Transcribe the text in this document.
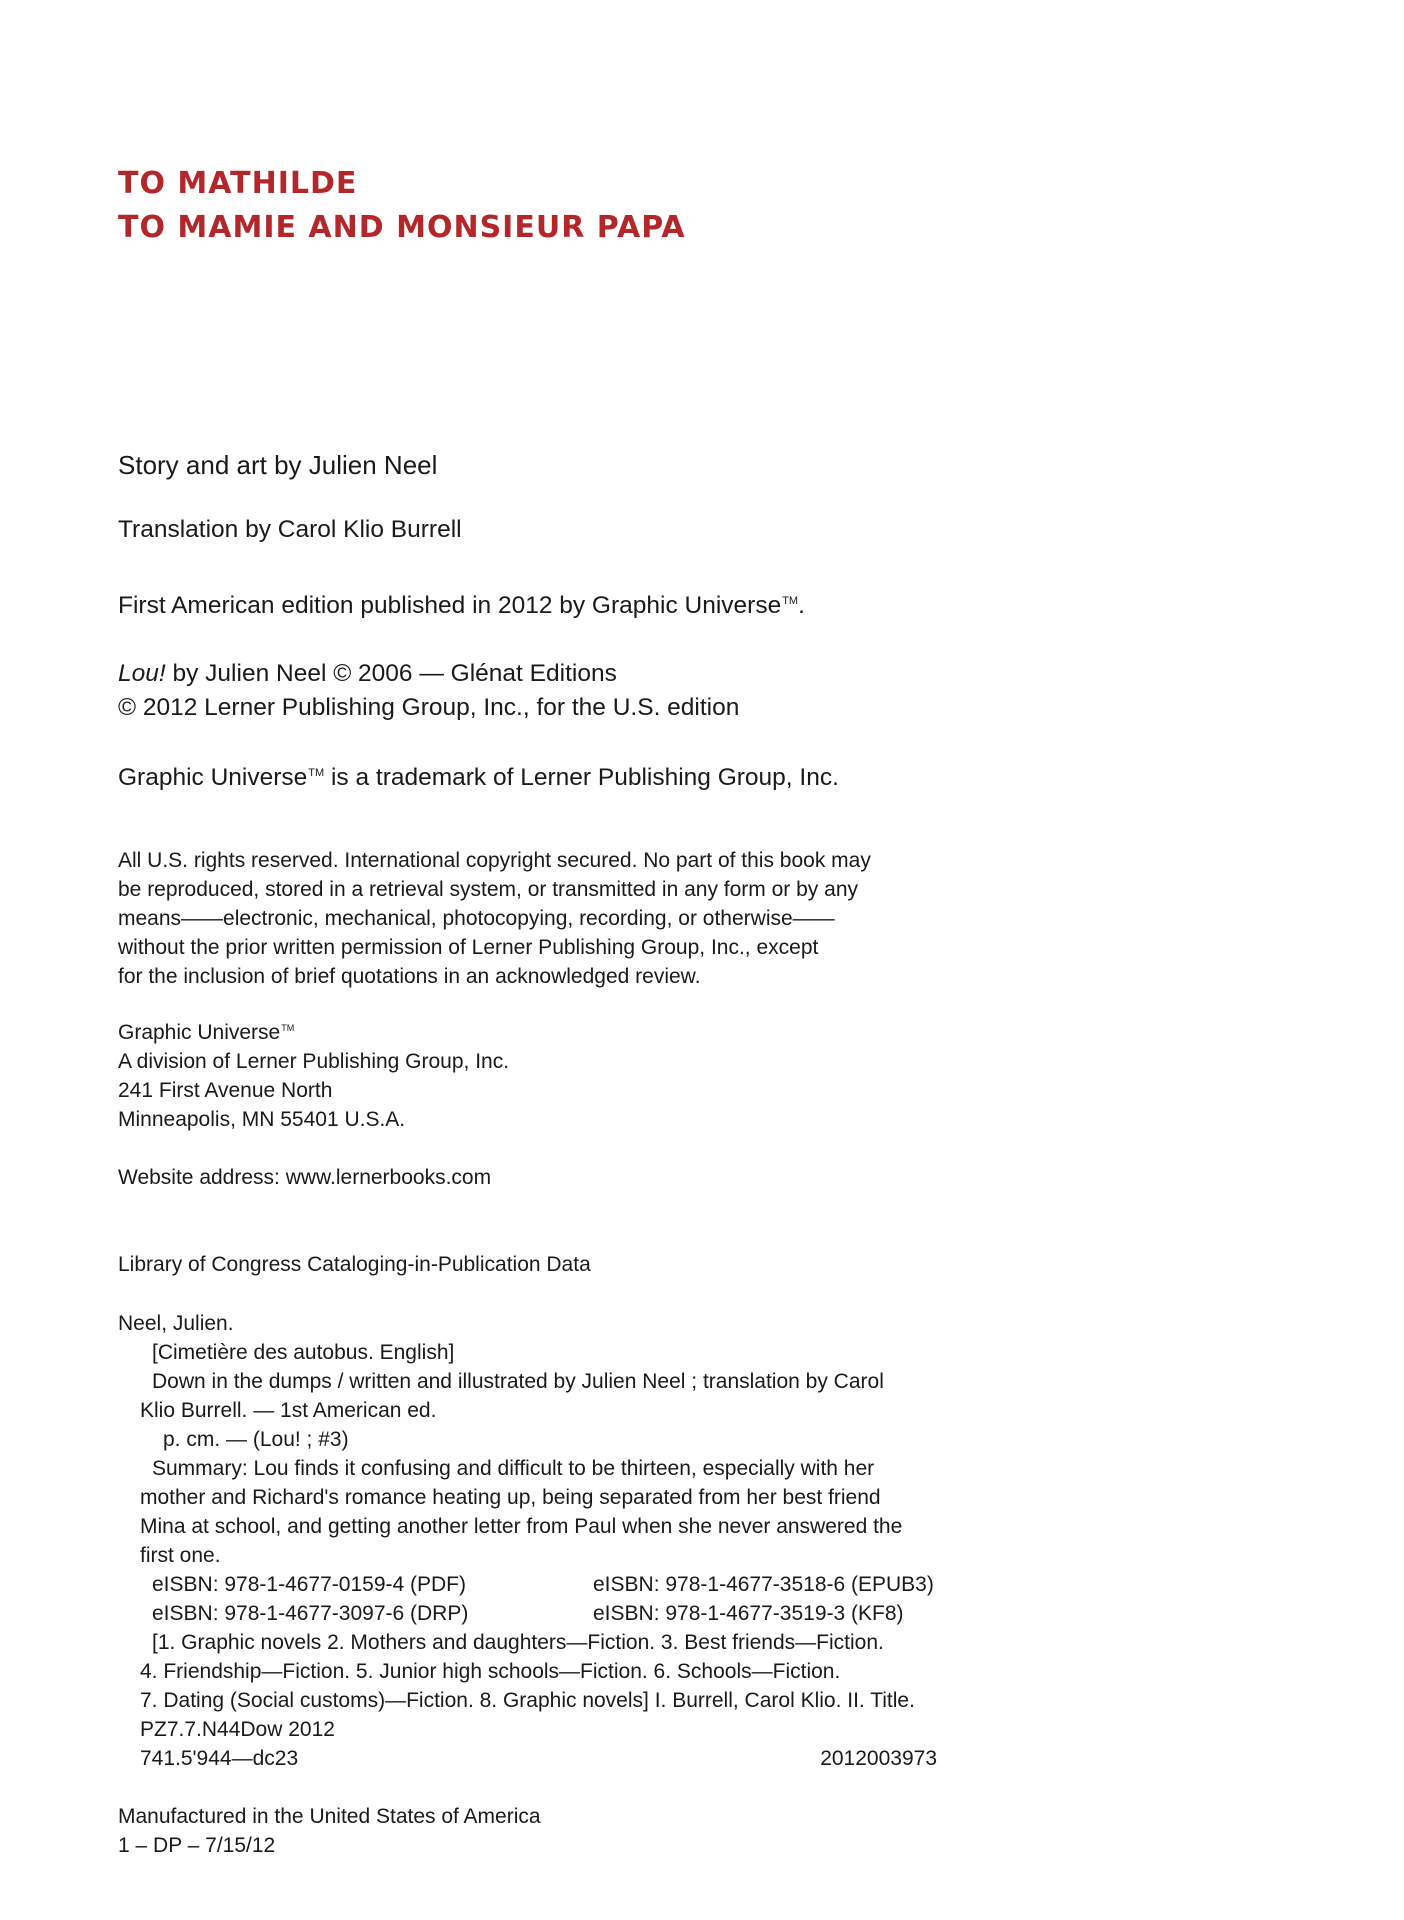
TO MATHILDE
TO MAMIE AND MONSIEUR PAPA
Story and art by Julien Neel
Translation by Carol Klio Burrell
First American edition published in 2012 by Graphic Universe™.
Lou! by Julien Neel © 2006 — Glénat Editions
© 2012 Lerner Publishing Group, Inc., for the U.S. edition
Graphic Universe™ is a trademark of Lerner Publishing Group, Inc.
All U.S. rights reserved. International copyright secured. No part of this book may
be reproduced, stored in a retrieval system, or transmitted in any form or by any
means——electronic, mechanical, photocopying, recording, or otherwise——
without the prior written permission of Lerner Publishing Group, Inc., except
for the inclusion of brief quotations in an acknowledged review.
Graphic Universe™
A division of Lerner Publishing Group, Inc.
241 First Avenue North
Minneapolis, MN 55401 U.S.A.
Website address: www.lernerbooks.com
Library of Congress Cataloging-in-Publication Data
Neel, Julien.
[Cimetière des autobus. English]
Down in the dumps / written and illustrated by Julien Neel ; translation by Carol
Klio Burrell. — 1st American ed.
p. cm. — (Lou! ; #3)
Summary: Lou finds it confusing and difficult to be thirteen, especially with her
mother and Richard's romance heating up, being separated from her best friend
Mina at school, and getting another letter from Paul when she never answered the
first one.
eISBN: 978-1-4677-0159-4 (PDF)	eISBN: 978-1-4677-3518-6 (EPUB3)
eISBN: 978-1-4677-3097-6 (DRP)	eISBN: 978-1-4677-3519-3 (KF8)
[1. Graphic novels 2. Mothers and daughters—Fiction. 3. Best friends—Fiction.
4. Friendship—Fiction. 5. Junior high schools—Fiction. 6. Schools—Fiction.
7. Dating (Social customs)—Fiction. 8. Graphic novels] I. Burrell, Carol Klio. II. Title.
PZ7.7.N44Dow 2012
741.5'944—dc23	2012003973
Manufactured in the United States of America
1 – DP – 7/15/12
